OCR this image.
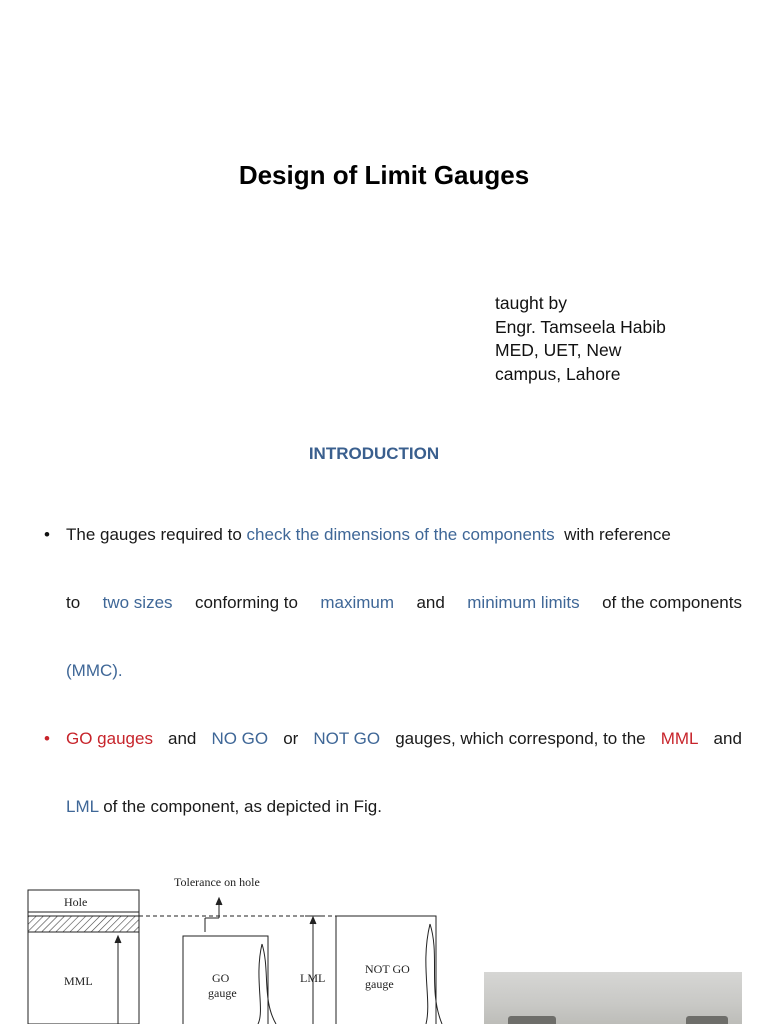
Design of Limit Gauges
taught by
Engr. Tamseela Habib
MED, UET, New
campus, Lahore
INTRODUCTION
• The gauges required to check the dimensions of the components with reference
to two sizes conforming to maximum and minimum limits of the components
(MMC).
• GO gauges and NO GO or NOT GO gauges, which correspond, to the MML and
LML of the component, as depicted in Fig.
Tolerance on hole
Hole
MML	GO
gauge
LML
NOT GO
gauge
